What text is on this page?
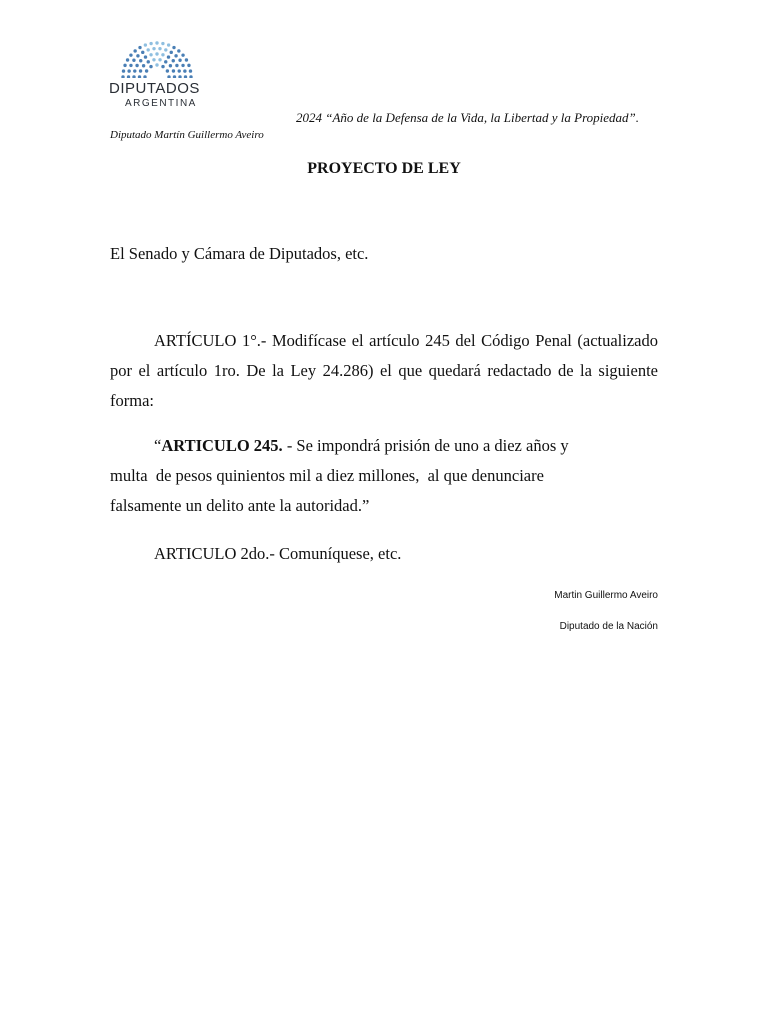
DIPUTADOS
ARGENTINA
2024 “Año de la Defensa de la Vida, la Libertad y la Propiedad”.
Diputado Martín Guillermo Aveiro
PROYECTO DE LEY
El Senado y Cámara de Diputados, etc.

ARTÍCULO 1°.- Modifícase el artículo 245 del Código Penal (actualizado por el artículo 1ro. De la Ley 24.286) el que quedará redactado de la siguiente forma:

“ARTICULO 245. - Se impondrá prisión de uno a diez años y
multa  de pesos quinientos mil a diez millones,  al que denunciare
falsamente un delito ante la autoridad.”

ARTICULO 2do.- Comuníquese, etc.

Martin Guillermo Aveiro
Diputado de la Nación
